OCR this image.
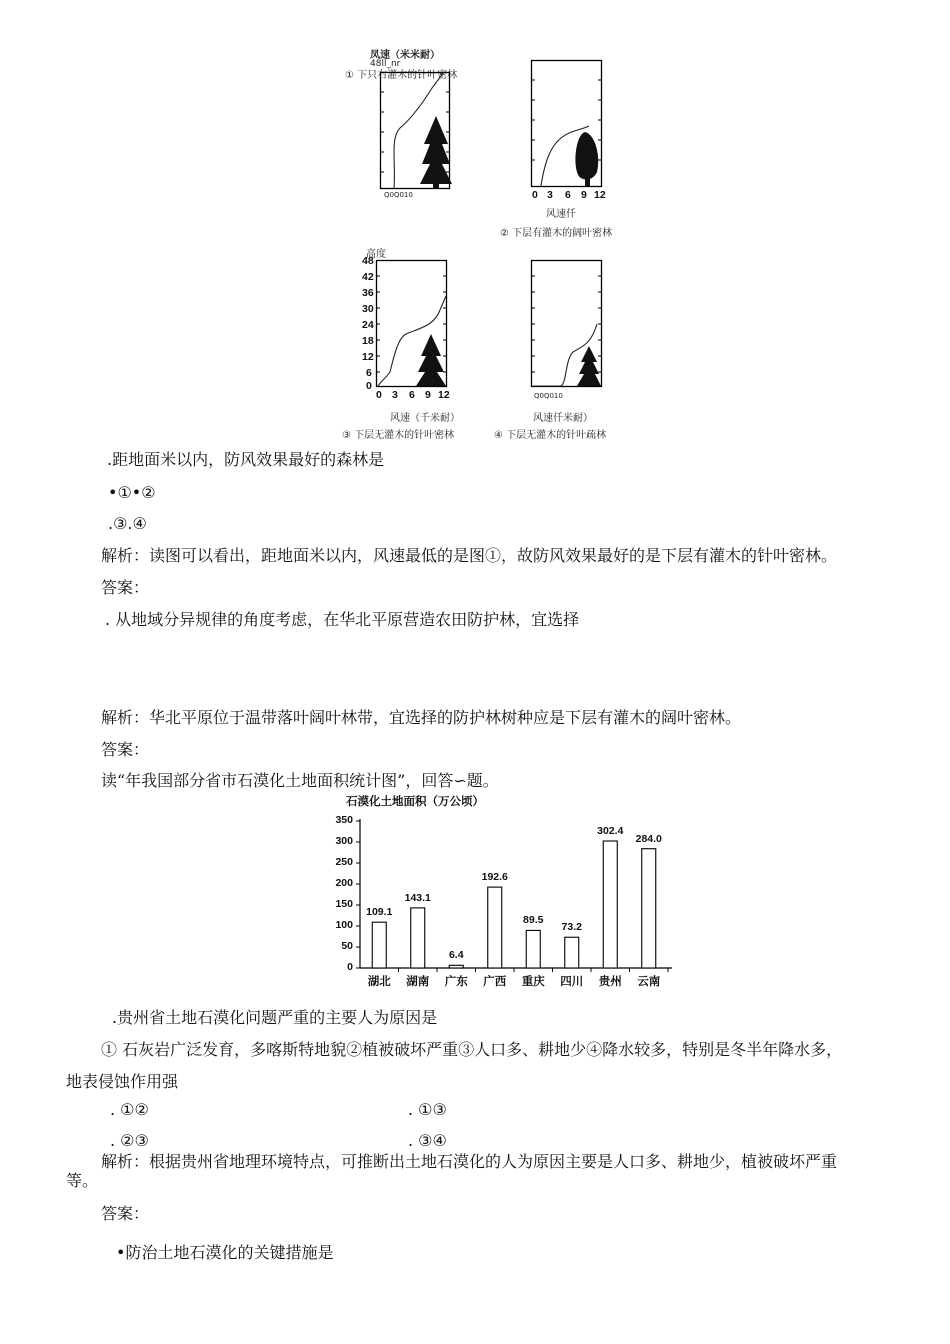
凤速（米米耐）
48ll_nr
① 下只右灌木的针叶密林
Q0Q010	0 3 6 9 12
风速仟
② 下层有灌木的阔叶密林
高度
48
42
36
30
24
18
12
6
0
0 3 6 9 12
风速（千米耐）
③ 下层无灌木的针叶密林
Q0Q010
风速仟米耐）
④ 下层无灌木的针叶疏林
.距地面米以内，防风效果最好的森林是
•①•②
.③.④
解析：读图可以看出，距地面米以内，风速最低的是图①，故防风效果最好的是下层有灌木的针叶密林。
答案：
. 从地域分异规律的角度考虑，在华北平原营造农田防护林，宜选择
解析：华北平原位于温带落叶阔叶林带，宜选择的防护林树种应是下层有灌木的阔叶密林。
答案：
读“年我国部分省市石漠化土地面积统计图”，回答∽题。
石漠化土地面积（万公顷）
350
300
250
200
150
100
50
0
109.1
143.1
6.4
192.6
89.5
73.2
302.4
284.0
湖北	湖南	广东	广西	重庆	四川	贵州	云南
.贵州省土地石漠化问题严重的主要人为原因是
① 石灰岩广泛发育，多喀斯特地貌②植被破坏严重③人口多、耕地少④降水较多，特别是冬半年降水多，
地表侵蚀作用强
. ①②	. ①③
. ②③	. ③④
解析：根据贵州省地理环境特点，可推断出土地石漠化的人为原因主要是人口多、耕地少，植被破坏严重
等。
答案：
•防治土地石漠化的关键措施是
